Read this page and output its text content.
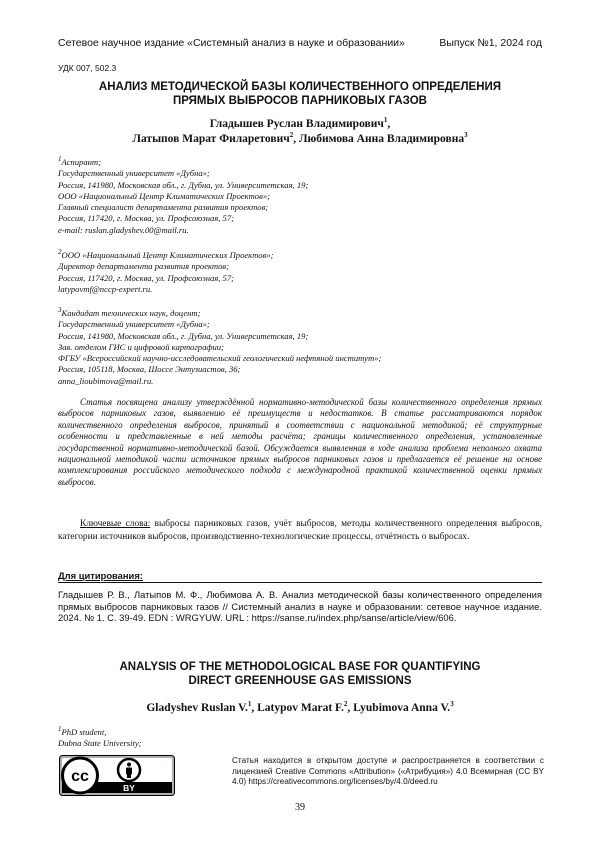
Сетевое научное издание «Системный анализ в науке и образовании»	Выпуск №1, 2024 год
УДК 007, 502.3
АНАЛИЗ МЕТОДИЧЕСКОЙ БАЗЫ КОЛИЧЕСТВЕННОГО ОПРЕДЕЛЕНИЯ
ПРЯМЫХ ВЫБРОСОВ ПАРНИКОВЫХ ГАЗОВ
Гладышев Руслан Владимирович1,
Латыпов Марат Филаретович2, Любимова Анна Владимировна3
1Аспирант;
Государственный университет «Дубна»;
Россия, 141980, Московская обл., г. Дубна, ул. Университетская, 19;
ООО «Национальный Центр Климатических Проектов»;
Главный специалист департамента развития проектов;
Россия, 117420, г. Москва, ул. Профсоюзная, 57;
e-mail: ruslan.gladyshev.00@mail.ru.
2ООО «Национальный Центр Климатических Проектов»;
Директор департамента развития проектов;
Россия, 117420, г. Москва, ул. Профсоюзная, 57;
latypovmf@nccp-expert.ru.
3Кандидат технических наук, доцент;
Государственный университет «Дубна»;
Россия, 141980, Московская обл., г. Дубна, ул. Университетская, 19;
Зав. отделом ГИС и цифровой картографии;
ФГБУ «Всероссийский научно-исследовательский геологический нефтяной институт»;
Россия, 105118, Москва, Шоссе Энтузиастов, 36;
anna_lioubimova@mail.ru.

Статья посвящена анализу утверждённой нормативно-методической базы количественного определения прямых выбросов парниковых газов, выявлению её преимуществ и недостатков. В статье рассматриваются порядок количественного определения выбросов, принятый в соответствии с национальной методикой; её структурные особенности и представленные в ней методы расчёта; границы количественного определения, установленные государственной нормативно-методической базой. Обсуждается выявленная в ходе анализа проблема неполного охвата национальной методикой части источников прямых выбросов парниковых газов и предлагается её решение на основе комплексирования российского методического подхода с международной практикой количественной оценки прямых выбросов.

Ключевые слова: выбросы парниковых газов, учёт выбросов, методы количественного определения выбросов, категории источников выбросов, производственно-технологические процессы, отчётность о выбросах.

Для цитирования:

Гладышев Р. В., Латыпов М. Ф., Любимова А. В. Анализ методической базы количественного определения прямых выбросов парниковых газов // Системный анализ в науке и образовании: сетевое научное издание. 2024. № 1. С. 39-49. EDN : WRGYUW. URL : https://sanse.ru/index.php/sanse/article/view/606.

ANALYSIS OF THE METHODOLOGICAL BASE FOR QUANTIFYING
DIRECT GREENHOUSE GAS EMISSIONS
Gladyshev Ruslan V.1, Latypov Marat F.2, Lyubimova Anna V.3
1PhD student,
Dubna State University;
cc
BY

Статья находится в открытом доступе и распространяется в соответствии с лицензией Creative Commons «Attribution» («Атрибуция») 4.0 Всемирная (CC BY 4.0) https://creativecommons.org/licenses/by/4.0/deed.ru

39
